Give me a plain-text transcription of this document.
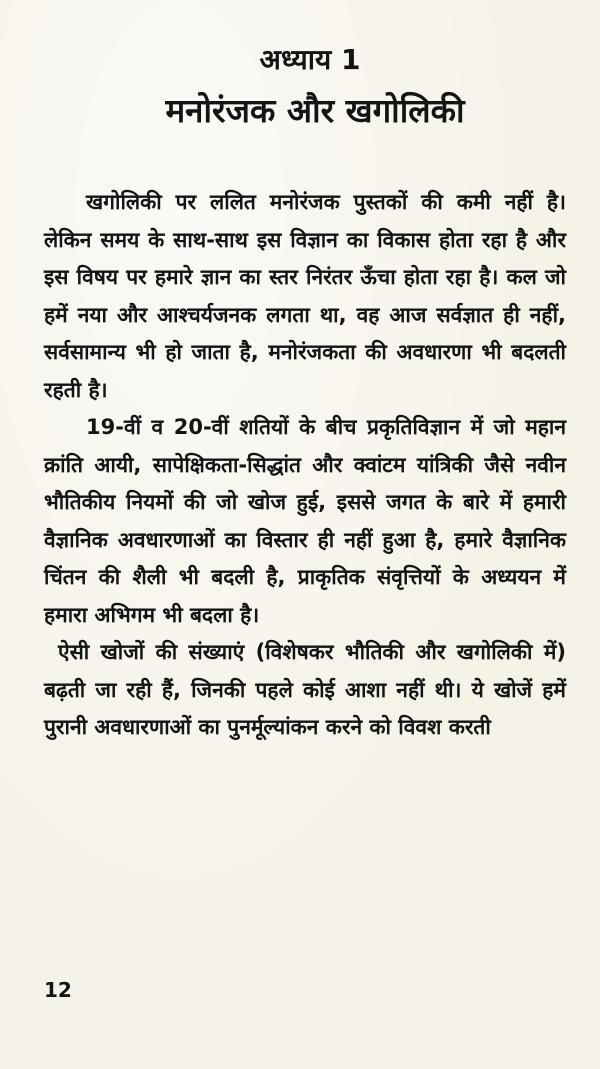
अध्याय 1
मनोरंजक और खगोलिकी

खगोलिकी पर ललित मनोरंजक पुस्तकों की कमी नहीं है। लेकिन समय के साथ-साथ इस विज्ञान का विकास होता रहा है और इस विषय पर हमारे ज्ञान का स्तर निरंतर ऊँचा होता रहा है। कल जो हमें नया और आश्चर्यजनक लगता था, वह आज सर्वज्ञात ही नहीं, सर्वसामान्य भी हो जाता है, मनोरंजकता की अवधारणा भी बदलती रहती है।

19-वीं व 20-वीं शतियों के बीच प्रकृतिविज्ञान में जो महान क्रांति आयी, सापेक्षिकता-सिद्धांत और क्वांटम यांत्रिकी जैसे नवीन भौतिकीय नियमों की जो खोज हुई, इससे जगत के बारे में हमारी वैज्ञानिक अवधारणाओं का विस्तार ही नहीं हुआ है, हमारे वैज्ञानिक चिंतन की शैली भी बदली है, प्राकृतिक संवृत्तियों के अध्ययन में हमारा अभिगम भी बदला है।

ऐसी खोजों की संख्याएं (विशेषकर भौतिकी और खगोलिकी में) बढ़ती जा रही हैं, जिनकी पहले कोई आशा नहीं थी। ये खोजें हमें पुरानी अवधारणाओं का पुनर्मूल्यांकन करने को विवश करती

12
